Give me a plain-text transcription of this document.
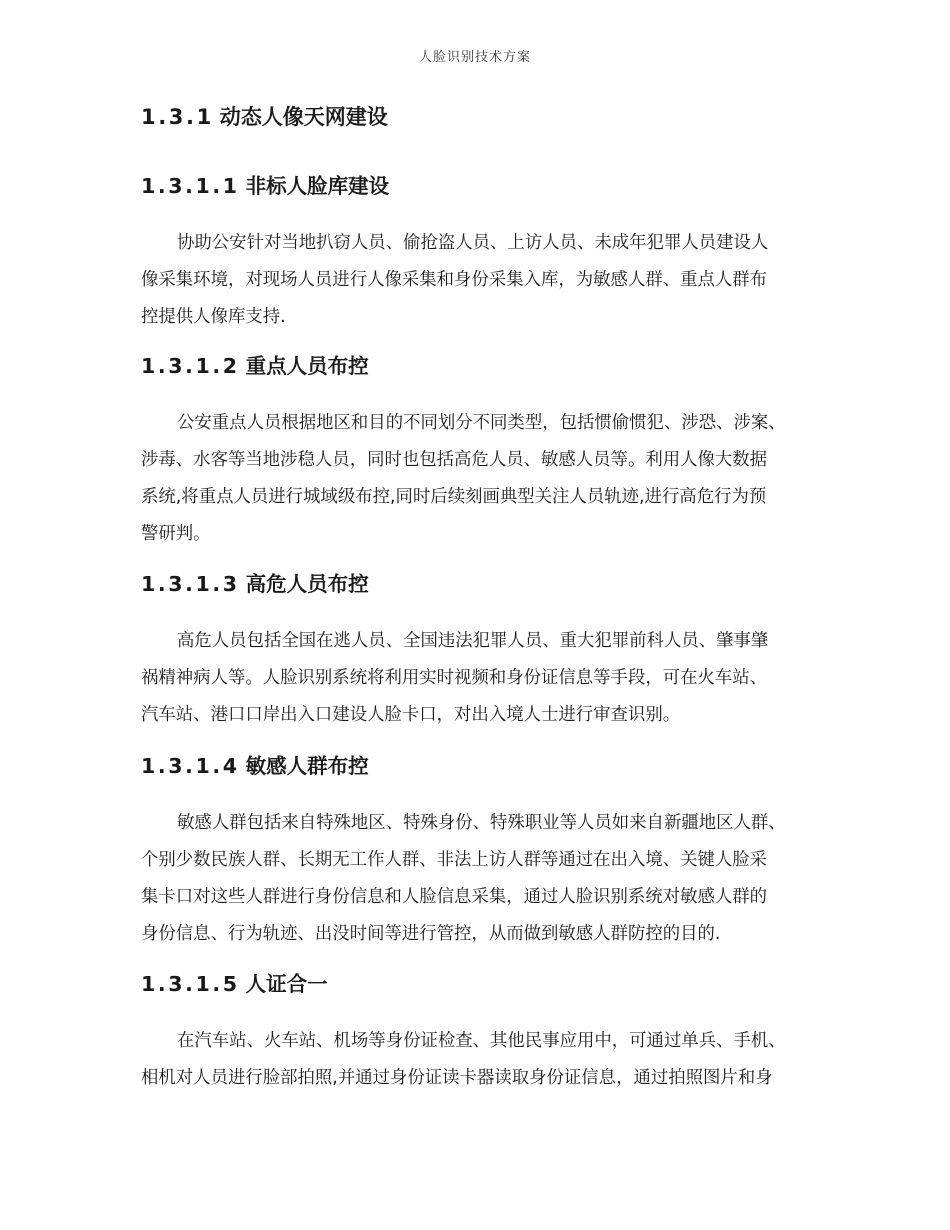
人脸识别技术方案
1.3.1 动态人像天网建设
1.3.1.1 非标人脸库建设
协助公安针对当地扒窃人员、偷抢盗人员、上访人员、未成年犯罪人员建设人
像采集环境，对现场人员进行人像采集和身份采集入库，为敏感人群、重点人群布
控提供人像库支持.
1.3.1.2 重点人员布控
公安重点人员根据地区和目的不同划分不同类型，包括惯偷惯犯、涉恐、涉案、
涉毒、水客等当地涉稳人员，同时也包括高危人员、敏感人员等。利用人像大数据
系统,将重点人员进行城域级布控,同时后续刻画典型关注人员轨迹,进行高危行为预
警研判。
1.3.1.3 高危人员布控
高危人员包括全国在逃人员、全国违法犯罪人员、重大犯罪前科人员、肇事肇
祸精神病人等。人脸识别系统将利用实时视频和身份证信息等手段，可在火车站、
汽车站、港口口岸出入口建设人脸卡口，对出入境人士进行审查识别。
1.3.1.4 敏感人群布控
敏感人群包括来自特殊地区、特殊身份、特殊职业等人员如来自新疆地区人群、
个别少数民族人群、长期无工作人群、非法上访人群等通过在出入境、关键人脸采
集卡口对这些人群进行身份信息和人脸信息采集，通过人脸识别系统对敏感人群的
身份信息、行为轨迹、出没时间等进行管控，从而做到敏感人群防控的目的.
1.3.1.5 人证合一
在汽车站、火车站、机场等身份证检查、其他民事应用中，可通过单兵、手机、
相机对人员进行脸部拍照,并通过身份证读卡器读取身份证信息，通过拍照图片和身
